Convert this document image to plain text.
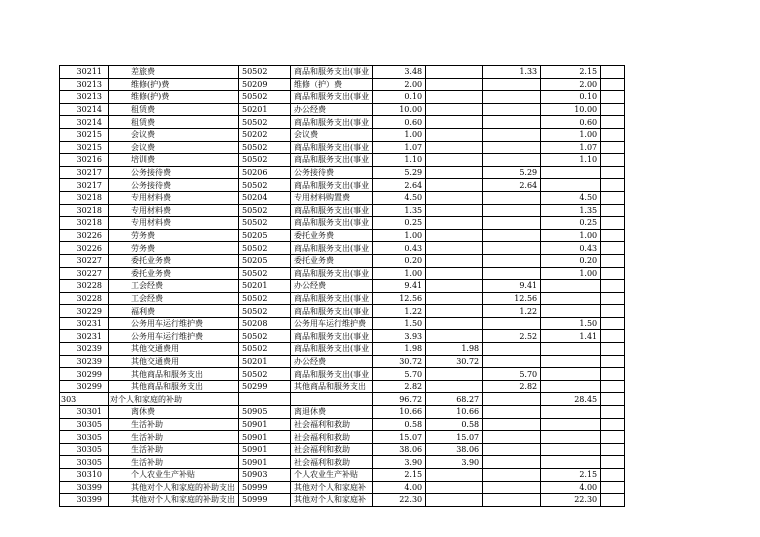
30211	差旅费	50502	商品和服务支出(事业	3.48		1.33	2.15	
30213	维修(护)费	50209	维修（护）费	2.00			2.00	
30213	维修(护)费	50502	商品和服务支出(事业	0.10			0.10	
30214	租赁费	50201	办公经费	10.00			10.00	
30214	租赁费	50502	商品和服务支出(事业	0.60			0.60	
30215	会议费	50202	会议费	1.00			1.00	
30215	会议费	50502	商品和服务支出(事业	1.07			1.07	
30216	培训费	50502	商品和服务支出(事业	1.10			1.10	
30217	公务接待费	50206	公务接待费	5.29		5.29		
30217	公务接待费	50502	商品和服务支出(事业	2.64		2.64		
30218	专用材料费	50204	专用材料购置费	4.50			4.50	
30218	专用材料费	50502	商品和服务支出(事业	1.35			1.35	
30218	专用材料费	50502	商品和服务支出(事业	0.25			0.25	
30226	劳务费	50205	委托业务费	1.00			1.00	
30226	劳务费	50502	商品和服务支出(事业	0.43			0.43	
30227	委托业务费	50205	委托业务费	0.20			0.20	
30227	委托业务费	50502	商品和服务支出(事业	1.00			1.00	
30228	工会经费	50201	办公经费	9.41		9.41		
30228	工会经费	50502	商品和服务支出(事业	12.56		12.56		
30229	福利费	50502	商品和服务支出(事业	1.22		1.22		
30231	公务用车运行维护费	50208	公务用车运行维护费	1.50			1.50	
30231	公务用车运行维护费	50502	商品和服务支出(事业	3.93		2.52	1.41	
30239	其他交通费用	50502	商品和服务支出(事业	1.98	1.98			
30239	其他交通费用	50201	办公经费	30.72	30.72			
30299	其他商品和服务支出	50502	商品和服务支出(事业	5.70		5.70		
30299	其他商品和服务支出	50299	其他商品和服务支出	2.82		2.82		
303	对个人和家庭的补助			96.72	68.27		28.45	
30301	离休费	50905	离退休费	10.66	10.66			
30305	生活补助	50901	社会福利和救助	0.58	0.58			
30305	生活补助	50901	社会福利和救助	15.07	15.07			
30305	生活补助	50901	社会福利和救助	38.06	38.06			
30305	生活补助	50901	社会福利和救助	3.90	3.90			
30310	个人农业生产补贴	50903	个人农业生产补贴	2.15			2.15	
30399	其他对个人和家庭的补助支出	50999	其他对个人和家庭补	4.00			4.00	
30399	其他对个人和家庭的补助支出	50999	其他对个人和家庭补	22.30			22.30	
